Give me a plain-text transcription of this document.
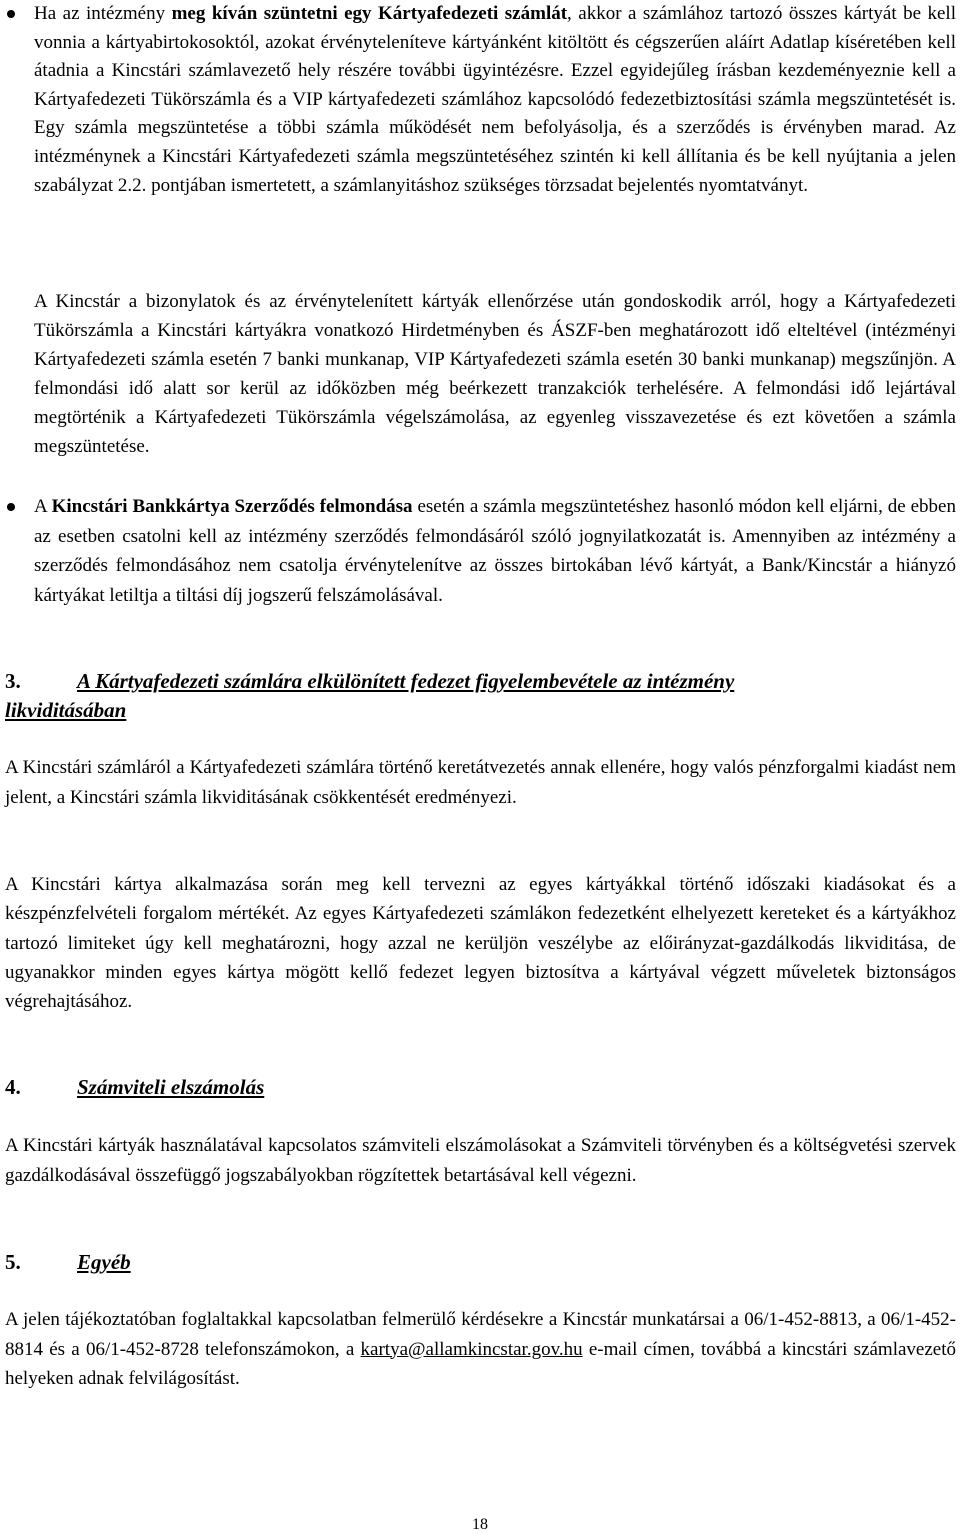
Ha az intézmény meg kíván szüntetni egy Kártyafedezeti számlát, akkor a számlához tartozó összes kártyát be kell vonnia a kártyabirtokosoktól, azokat érvényteleníteve kártyánként kitöltött és cégszerűen aláírt Adatlap kíséretében kell átadnia a Kincstári számlavezető hely részére további ügyintézésre. Ezzel egyidejűleg írásban kezdeményeznie kell a Kártyafedezeti Tükörszámla és a VIP kártyafedezeti számlához kapcsolódó fedezetbiztosítási számla megszüntetését is. Egy számla megszüntetése a többi számla működését nem befolyásolja, és a szerződés is érvényben marad. Az intézménynek a Kincstári Kártyafedezeti számla megszüntetéséhez szintén ki kell állítania és be kell nyújtania a jelen szabályzat 2.2. pontjában ismertetett, a számlanyitáshoz szükséges törzsadat bejelentés nyomtatványt.
A Kincstár a bizonylatok és az érvénytelenített kártyák ellenőrzése után gondoskodik arról, hogy a Kártyafedezeti Tükörszámla a Kincstári kártyákra vonatkozó Hirdetményben és ÁSZF-ben meghatározott idő elteltével (intézményi Kártyafedezeti számla esetén 7 banki munkanap, VIP Kártyafedezeti számla esetén 30 banki munkanap) megszűnjön. A felmondási idő alatt sor kerül az időközben még beérkezett tranzakciók terhelésére. A felmondási idő lejártával megtörténik a Kártyafedezeti Tükörszámla végelszámolása, az egyenleg visszavezetése és ezt követően a számla megszüntetése.
A Kincstári Bankkártya Szerződés felmondása esetén a számla megszüntetéshez hasonló módon kell eljárni, de ebben az esetben csatolni kell az intézmény szerződés felmondásáról szóló jognyilatkozatát is. Amennyiben az intézmény a szerződés felmondásához nem csatolja érvénytelenítve az összes birtokában lévő kártyát, a Bank/Kincstár a hiányzó kártyákat letiltja a tiltási díj jogszerű felszámolásával.
3.	A Kártyafedezeti számlára elkülönített fedezet figyelembevétele az intézmény
likviditásában
A Kincstári számláról a Kártyafedezeti számlára történő keretátvezetés annak ellenére, hogy valós pénzforgalmi kiadást nem jelent, a Kincstári számla likviditásának csökkentését eredményezi.
A Kincstári kártya alkalmazása során meg kell tervezni az egyes kártyákkal történő időszaki kiadásokat és a készpénzfelvételi forgalom mértékét. Az egyes Kártyafedezeti számlákon fedezetként elhelyezett kereteket és a kártyákhoz tartozó limiteket úgy kell meghatározni, hogy azzal ne kerüljön veszélybe az előirányzat-gazdálkodás likviditása, de ugyanakkor minden egyes kártya mögött kellő fedezet legyen biztosítva a kártyával végzett műveletek biztonságos végrehajtásához.
4.	Számviteli elszámolás
A Kincstári kártyák használatával kapcsolatos számviteli elszámolásokat a Számviteli törvényben és a költségvetési szervek gazdálkodásával összefüggő jogszabályokban rögzítettek betartásával kell végezni.
5.	Egyéb
A jelen tájékoztatóban foglaltakkal kapcsolatban felmerülő kérdésekre a Kincstár munkatársai a 06/1-452-8813, a 06/1-452-8814 és a 06/1-452-8728 telefonszámokon, a kartya@allamkincstar.gov.hu e-mail címen, továbbá a kincstári számlavezető helyeken adnak felvilágosítást.
18
